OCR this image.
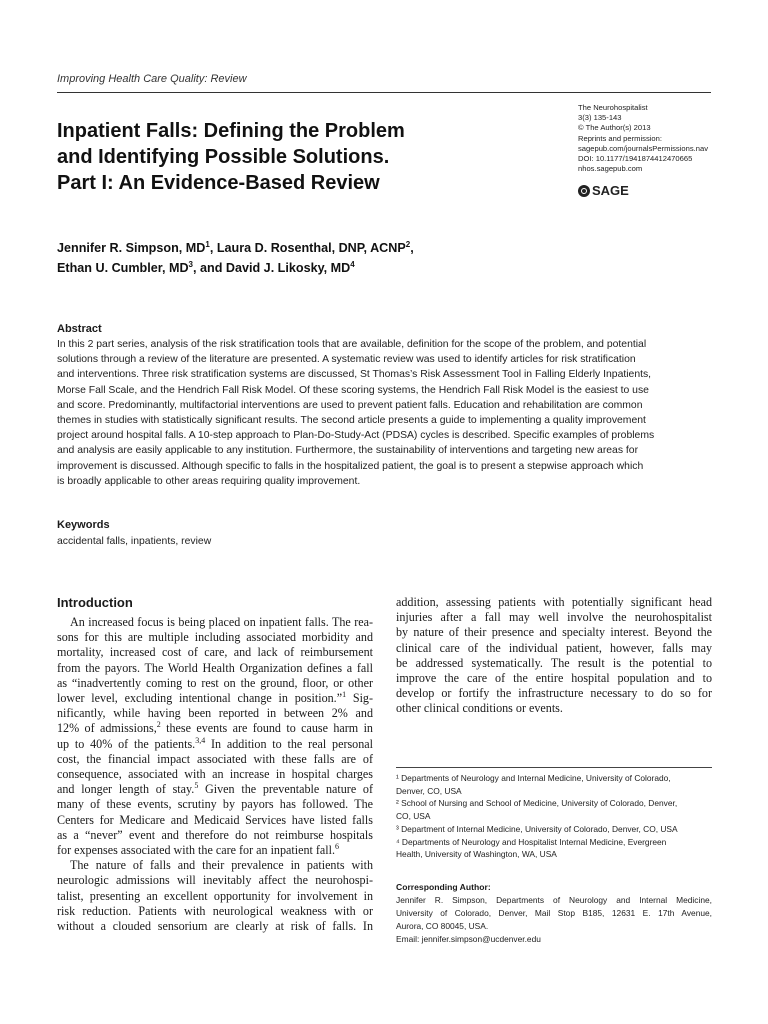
Improving Health Care Quality: Review
Inpatient Falls: Defining the Problem
and Identifying Possible Solutions.
Part I: An Evidence-Based Review
The Neurohospitalist
3(3) 135-143
© The Author(s) 2013
Reprints and permission:
sagepub.com/journalsPermissions.nav
DOI: 10.1177/1941874412470665
nhos.sagepub.com
SAGE
Jennifer R. Simpson, $MD^1$, Laura D. Rosenthal, DNP, ACNP$^2$,
Ethan U. Cumbler, $MD^3$, and David J. Likosky, $MD^4$
Abstract
In this 2 part series, analysis of the risk stratification tools that are available, definition for the scope of the problem, and potential
solutions through a review of the literature are presented. A systematic review was used to identify articles for risk stratification
and interventions. Three risk stratification systems are discussed, St Thomas’s Risk Assessment Tool in Falling Elderly Inpatients,
Morse Fall Scale, and the Hendrich Fall Risk Model. Of these scoring systems, the Hendrich Fall Risk Model is the easiest to use
and score. Predominantly, multifactorial interventions are used to prevent patient falls. Education and rehabilitation are common
themes in studies with statistically significant results. The second article presents a guide to implementing a quality improvement
project around hospital falls. A 10-step approach to Plan-Do-Study-Act (PDSA) cycles is described. Specific examples of problems
and analysis are easily applicable to any institution. Furthermore, the sustainability of interventions and targeting new areas for
improvement is discussed. Although specific to falls in the hospitalized patient, the goal is to present a stepwise approach which
is broadly applicable to other areas requiring quality improvement.
Keywords
accidental falls, inpatients, review
Introduction
An increased focus is being placed on inpatient falls. The rea-
sons for this are multiple including associated morbidity and
mortality, increased cost of care, and lack of reimbursement
from the payors. The World Health Organization defines a fall
as “inadvertently coming to rest on the ground, floor, or other
lower level, excluding intentional change in position.”$^1$ Sig-
nificantly, while having been reported in between 2% and
12% of admissions,$^2$ these events are found to cause harm in
up to 40% of the patients.$^{3,4}$ In addition to the real personal
cost, the financial impact associated with these falls are of
consequence, associated with an increase in hospital charges
and longer length of stay.$^5$ Given the preventable nature of
many of these events, scrutiny by payors has followed. The
Centers for Medicare and Medicaid Services have listed falls
as a “never” event and therefore do not reimburse hospitals
for expenses associated with the care for an inpatient fall.$^6$
The nature of falls and their prevalence in patients with
neurologic admissions will inevitably affect the neurohospi-
talist, presenting an excellent opportunity for involvement in
risk reduction. Patients with neurological weakness with or
without a clouded sensorium are clearly at risk of falls. In
addition, assessing patients with potentially significant head
injuries after a fall may well involve the neurohospitalist
by nature of their presence and specialty interest. Beyond the
clinical care of the individual patient, however, falls may
be addressed systematically. The result is the potential to
improve the care of the entire hospital population and to
develop or fortify the infrastructure necessary to do so for
other clinical conditions or events.
¹ Departments of Neurology and Internal Medicine, University of Colorado,
Denver, CO, USA
² School of Nursing and School of Medicine, University of Colorado, Denver,
CO, USA
³ Department of Internal Medicine, University of Colorado, Denver, CO, USA
⁴ Departments of Neurology and Hospitalist Internal Medicine, Evergreen
Health, University of Washington, WA, USA
Corresponding Author:
Jennifer R. Simpson, Departments of Neurology and Internal Medicine,
University of Colorado, Denver, Mail Stop B185, 12631 E. 17th Avenue,
Aurora, CO 80045, USA.
Email: jennifer.simpson@ucdenver.edu
